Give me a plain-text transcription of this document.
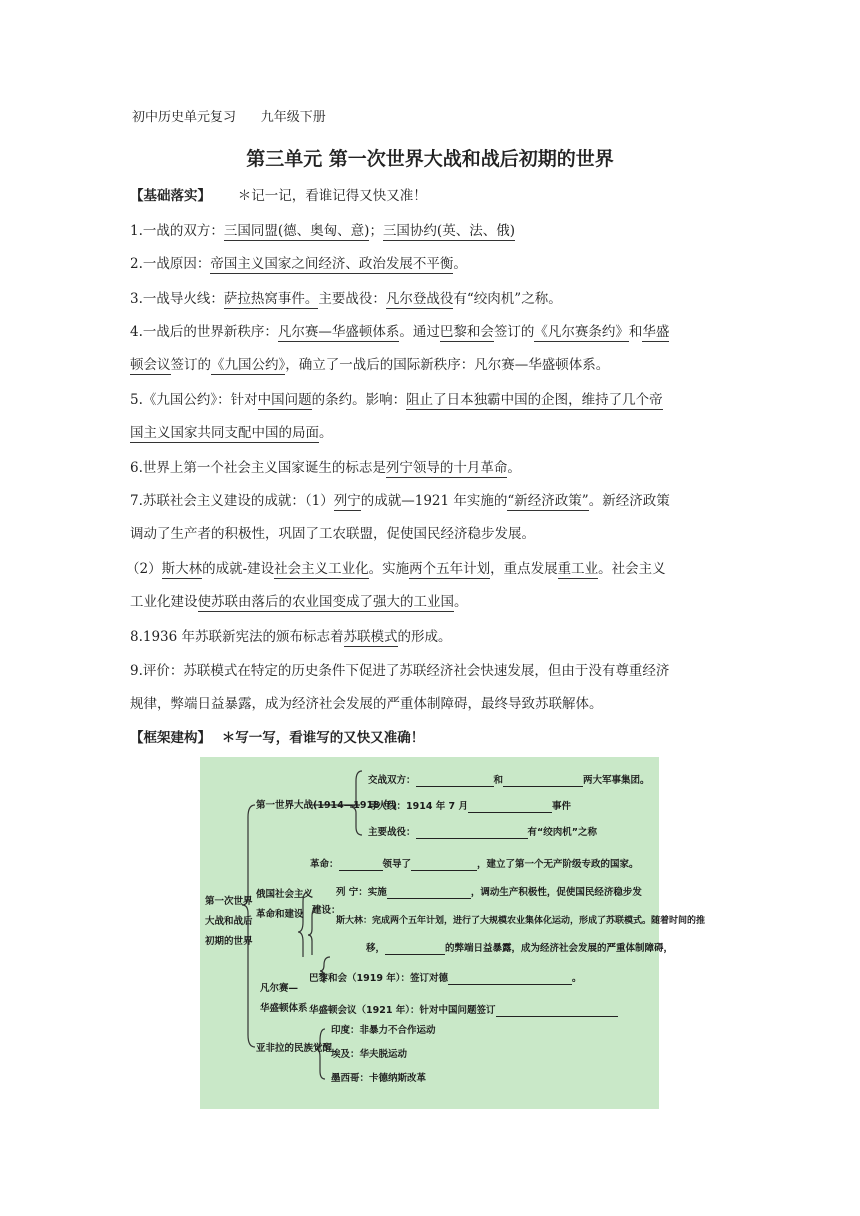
初中历史单元复习      九年级下册
第三单元 第一次世界大战和战后初期的世界
【基础落实】 ＊记一记，看谁记得又快又准！
1.一战的双方：三国同盟(德、奥匈、意)；三国协约(英、法、俄)
2.一战原因：帝国主义国家之间经济、政治发展不平衡。
3.一战导火线：萨拉热窝事件。主要战役：凡尔登战役有“绞肉机”之称。
4.一战后的世界新秩序：凡尔赛—华盛顿体系。通过巴黎和会签订的《凡尔赛条约》和华盛
顿会议签订的《九国公约》，确立了一战后的国际新秩序：凡尔赛—华盛顿体系。
5.《九国公约》：针对中国问题的条约。影响：阻止了日本独霸中国的企图，维持了几个帝
国主义国家共同支配中国的局面。
6.世界上第一个社会主义国家诞生的标志是列宁领导的十月革命。
7.苏联社会主义建设的成就：（1）列宁的成就—1921 年实施的“新经济政策”。新经济政策
调动了生产者的积极性，巩固了工农联盟，促使国民经济稳步发展。
（2）斯大林的成就-建设社会主义工业化。实施两个五年计划，重点发展重工业。社会主义
工业化建设使苏联由落后的农业国变成了强大的工业国。
8.1936 年苏联新宪法的颁布标志着苏联模式的形成。
9.评价：苏联模式在特定的历史条件下促进了苏联经济社会快速发展，但由于没有尊重经济
规律，弊端日益暴露，成为经济社会发展的严重体制障碍，最终导致苏联解体。
【框架建构】 ＊写一写，看谁写的又快又准确！
第一次世界
大战和战后
初期的世界
第一世界大战(1914—1918 年)
交战双方：	和	两大军事集团。
导火线：1914 年 7 月	事件
主要战役：	有“绞肉机”之称
俄国社会主义
革命和建设
革命：	领导了	，建立了第一个无产阶级专政的国家。
建设：
列 宁：实施	，调动生产积极性，促使国民经济稳步发
斯大林：完成两个五年计划，进行了大规模农业集体化运动，形成了苏联模式。随着时间的推
移，	的弊端日益暴露，成为经济社会发展的严重体制障碍，
凡尔赛—
华盛顿体系
巴黎和会（1919 年）：签订对德	。
华盛顿会议（1921 年）：针对中国问题签订
亚非拉的民族觉醒
印度：非暴力不合作运动
埃及：华夫脱运动
墨西哥：卡德纳斯改革
